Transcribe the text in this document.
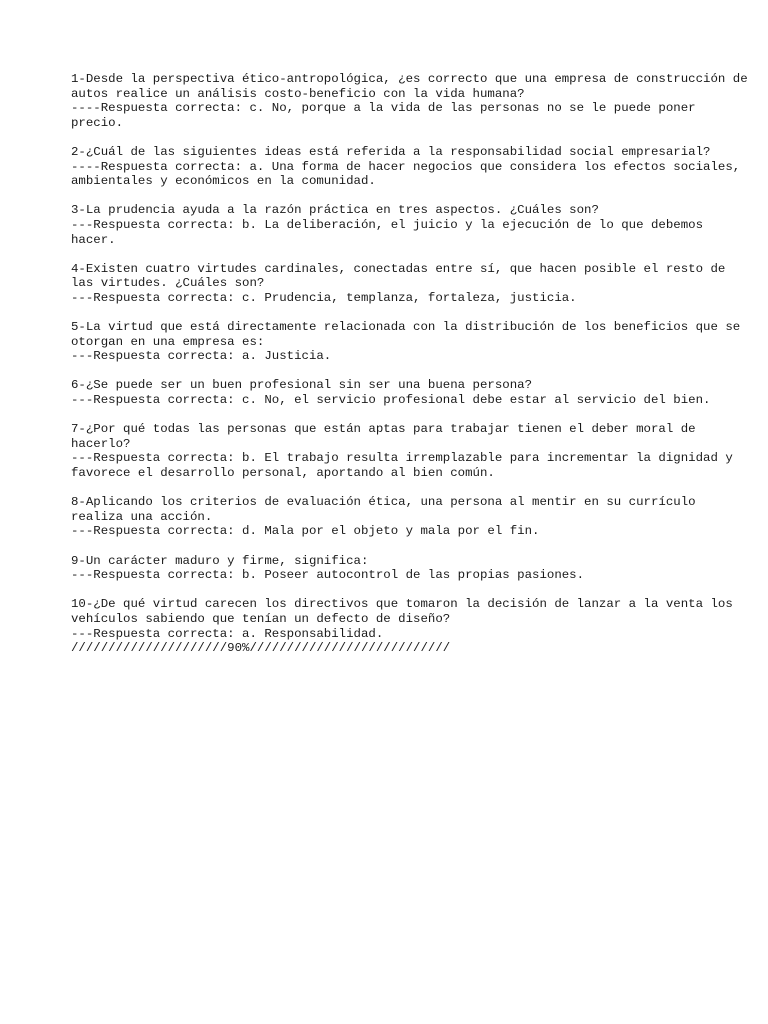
1-Desde la perspectiva ético-antropológica, ¿es correcto que una empresa de construcción de autos realice un análisis costo-beneficio con la vida humana?
----Respuesta correcta: c. No, porque a la vida de las personas no se le puede poner precio.
2-¿Cuál de las siguientes ideas está referida a la responsabilidad social empresarial?
----Respuesta correcta: a. Una forma de hacer negocios que considera los efectos sociales, ambientales y económicos en la comunidad.
3-La prudencia ayuda a la razón práctica en tres aspectos. ¿Cuáles son?
---Respuesta correcta: b. La deliberación, el juicio y la ejecución de lo que debemos hacer.
4-Existen cuatro virtudes cardinales, conectadas entre sí, que hacen posible el resto de las virtudes. ¿Cuáles son?
---Respuesta correcta: c. Prudencia, templanza, fortaleza, justicia.
5-La virtud que está directamente relacionada con la distribución de los beneficios que se otorgan en una empresa es:
---Respuesta correcta: a. Justicia.
6-¿Se puede ser un buen profesional sin ser una buena persona?
---Respuesta correcta: c. No, el servicio profesional debe estar al servicio del bien.
7-¿Por qué todas las personas que están aptas para trabajar tienen el deber moral de hacerlo?
---Respuesta correcta: b. El trabajo resulta irremplazable para incrementar la dignidad y favorece el desarrollo personal, aportando al bien común.
8-Aplicando los criterios de evaluación ética, una persona al mentir en su currículo realiza una acción.
---Respuesta correcta: d. Mala por el objeto y mala por el fin.
9-Un carácter maduro y firme, significa:
---Respuesta correcta: b. Poseer autocontrol de las propias pasiones.
10-¿De qué virtud carecen los directivos que tomaron la decisión de lanzar a la venta los vehículos sabiendo que tenían un defecto de diseño?
---Respuesta correcta: a. Responsabilidad.
/////////////////////90%///////////////////////////
